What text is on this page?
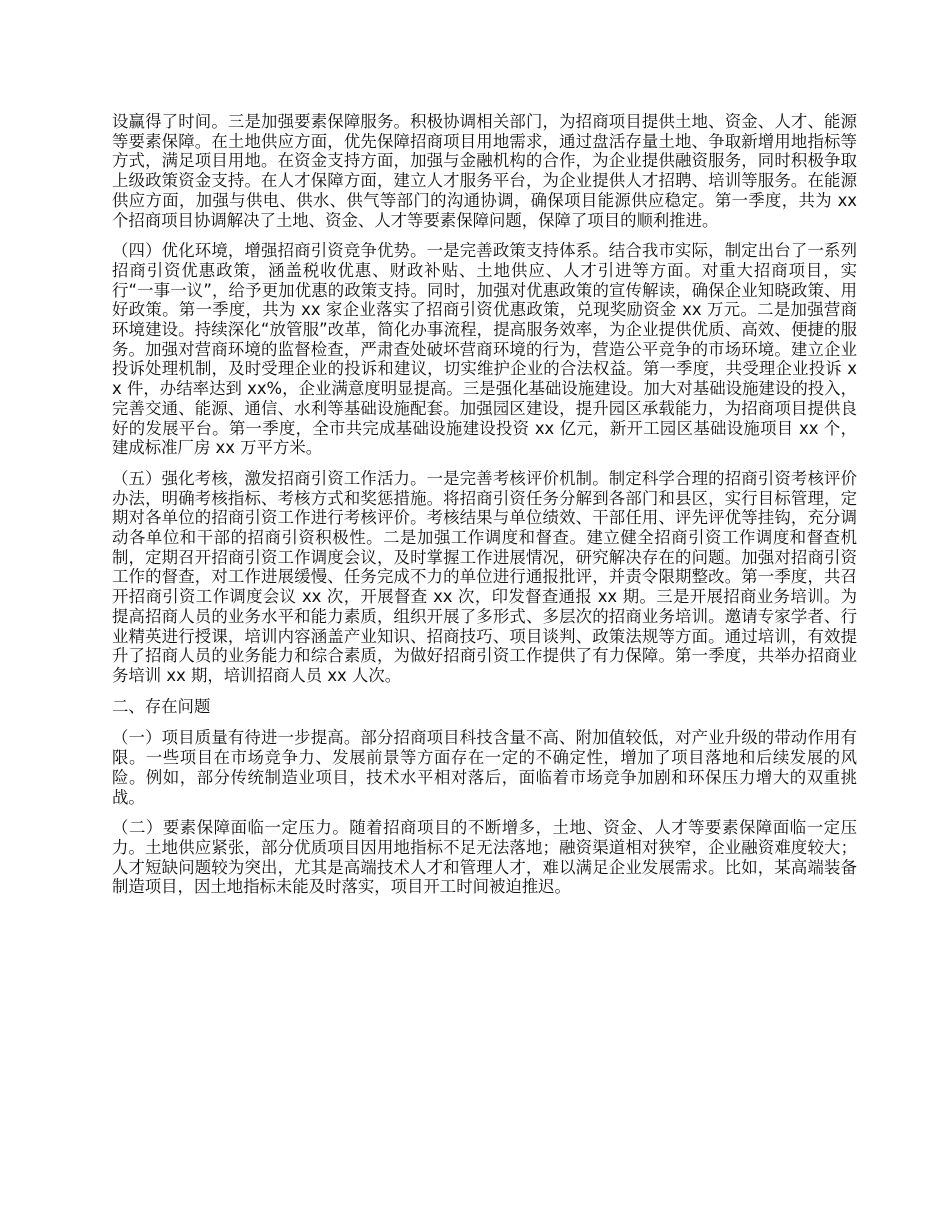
设赢得了时间。三是加强要素保障服务。积极协调相关部门，为招商项目提供土地、资金、人才、能源等要素保障。在土地供应方面，优先保障招商项目用地需求，通过盘活存量土地、争取新增用地指标等方式，满足项目用地。在资金支持方面，加强与金融机构的合作，为企业提供融资服务，同时积极争取上级政策资金支持。在人才保障方面，建立人才服务平台，为企业提供人才招聘、培训等服务。在能源供应方面，加强与供电、供水、供气等部门的沟通协调，确保项目能源供应稳定。第一季度，共为 xx 个招商项目协调解决了土地、资金、人才等要素保障问题，保障了项目的顺利推进。

（四）优化环境，增强招商引资竞争优势。一是完善政策支持体系。结合我市实际，制定出台了一系列招商引资优惠政策，涵盖税收优惠、财政补贴、土地供应、人才引进等方面。对重大招商项目，实行“一事一议”，给予更加优惠的政策支持。同时，加强对优惠政策的宣传解读，确保企业知晓政策、用好政策。第一季度，共为 xx 家企业落实了招商引资优惠政策，兑现奖励资金 xx 万元。二是加强营商环境建设。持续深化“放管服”改革，简化办事流程，提高服务效率，为企业提供优质、高效、便捷的服务。加强对营商环境的监督检查，严肃查处破坏营商环境的行为，营造公平竞争的市场环境。建立企业投诉处理机制，及时受理企业的投诉和建议，切实维护企业的合法权益。第一季度，共受理企业投诉 xx 件，办结率达到 xx%，企业满意度明显提高。三是强化基础设施建设。加大对基础设施建设的投入，完善交通、能源、通信、水利等基础设施配套。加强园区建设，提升园区承载能力，为招商项目提供良好的发展平台。第一季度，全市共完成基础设施建设投资 xx 亿元，新开工园区基础设施项目 xx 个，建成标准厂房 xx 万平方米。

（五）强化考核，激发招商引资工作活力。一是完善考核评价机制。制定科学合理的招商引资考核评价办法，明确考核指标、考核方式和奖惩措施。将招商引资任务分解到各部门和县区，实行目标管理，定期对各单位的招商引资工作进行考核评价。考核结果与单位绩效、干部任用、评先评优等挂钩，充分调动各单位和干部的招商引资积极性。二是加强工作调度和督查。建立健全招商引资工作调度和督查机制，定期召开招商引资工作调度会议，及时掌握工作进展情况，研究解决存在的问题。加强对招商引资工作的督查，对工作进展缓慢、任务完成不力的单位进行通报批评，并责令限期整改。第一季度，共召开招商引资工作调度会议 xx 次，开展督查 xx 次，印发督查通报 xx 期。三是开展招商业务培训。为提高招商人员的业务水平和能力素质，组织开展了多形式、多层次的招商业务培训。邀请专家学者、行业精英进行授课，培训内容涵盖产业知识、招商技巧、项目谈判、政策法规等方面。通过培训，有效提升了招商人员的业务能力和综合素质，为做好招商引资工作提供了有力保障。第一季度，共举办招商业务培训 xx 期，培训招商人员 xx 人次。

二、存在问题

（一）项目质量有待进一步提高。部分招商项目科技含量不高、附加值较低，对产业升级的带动作用有限。一些项目在市场竞争力、发展前景等方面存在一定的不确定性，增加了项目落地和后续发展的风险。例如，部分传统制造业项目，技术水平相对落后，面临着市场竞争加剧和环保压力增大的双重挑战。

（二）要素保障面临一定压力。随着招商项目的不断增多，土地、资金、人才等要素保障面临一定压力。土地供应紧张，部分优质项目因用地指标不足无法落地；融资渠道相对狭窄，企业融资难度较大；人才短缺问题较为突出，尤其是高端技术人才和管理人才，难以满足企业发展需求。比如，某高端装备制造项目，因土地指标未能及时落实，项目开工时间被迫推迟。
